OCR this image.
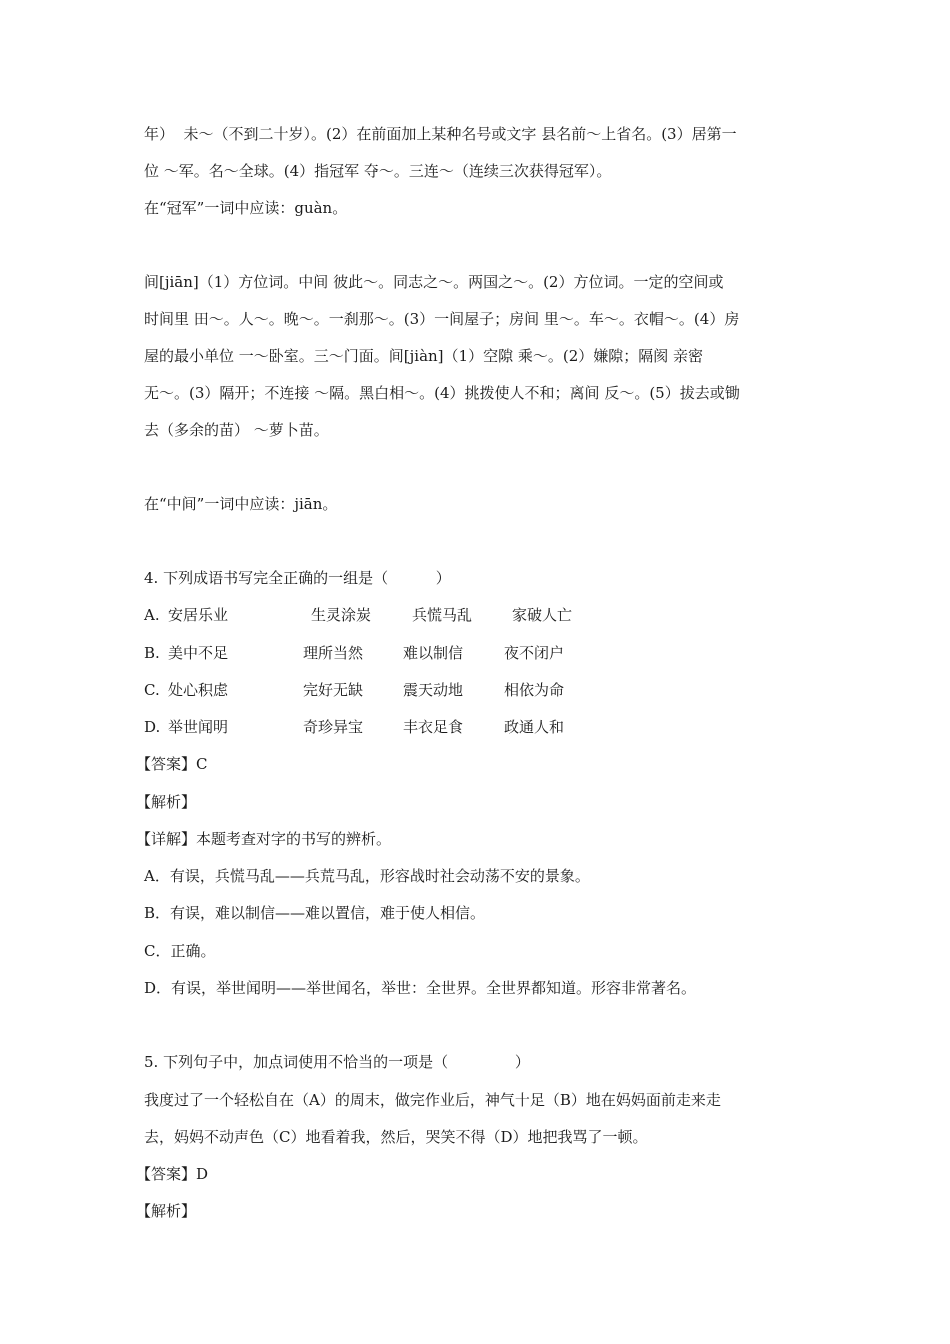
年）  未～（不到二十岁）。(2）在前面加上某种名号或文字 县名前～上省名。(3）居第一
位 ～军。名～全球。(4）指冠军 夺～。三连～（连续三次获得冠军）。
在“冠军”一词中应读：guàn。
间[jiān]（1）方位词。中间 彼此～。同志之～。两国之～。(2）方位词。一定的空间或
时间里 田～。人～。晚～。一刹那～。(3）一间屋子；房间 里～。车～。衣帽～。(4）房
屋的最小单位 一～卧室。三～门面。间[jiàn]（1）空隙 乘～。(2）嫌隙；隔阂 亲密
无～。(3）隔开；不连接 ～隔。黑白相～。(4）挑拨使人不和；离间 反～。(5）拔去或锄
去（多余的苗） ～萝卜苗。
在“中间”一词中应读：jiān。
4. 下列成语书写完全正确的一组是（          ）
A. 安居乐业	生灵涂炭	兵慌马乱	家破人亡
B. 美中不足	理所当然	难以制信	夜不闭户
C. 处心积虑	完好无缺	震天动地	相依为命
D. 举世闻明	奇珍异宝	丰衣足食	政通人和
【答案】C
【解析】
【详解】本题考查对字的书写的辨析。
A．有误，兵慌马乱——兵荒马乱，形容战时社会动荡不安的景象。
B．有误，难以制信——难以置信，难于使人相信。
C．正确。
D．有误，举世闻明——举世闻名，举世：全世界。全世界都知道。形容非常著名。
5. 下列句子中，加点词使用不恰当的一项是（              ）
我度过了一个轻松自在（A）的周末，做完作业后，神气十足（B）地在妈妈面前走来走
去，妈妈不动声色（C）地看着我，然后，哭笑不得（D）地把我骂了一顿。
【答案】D
【解析】
